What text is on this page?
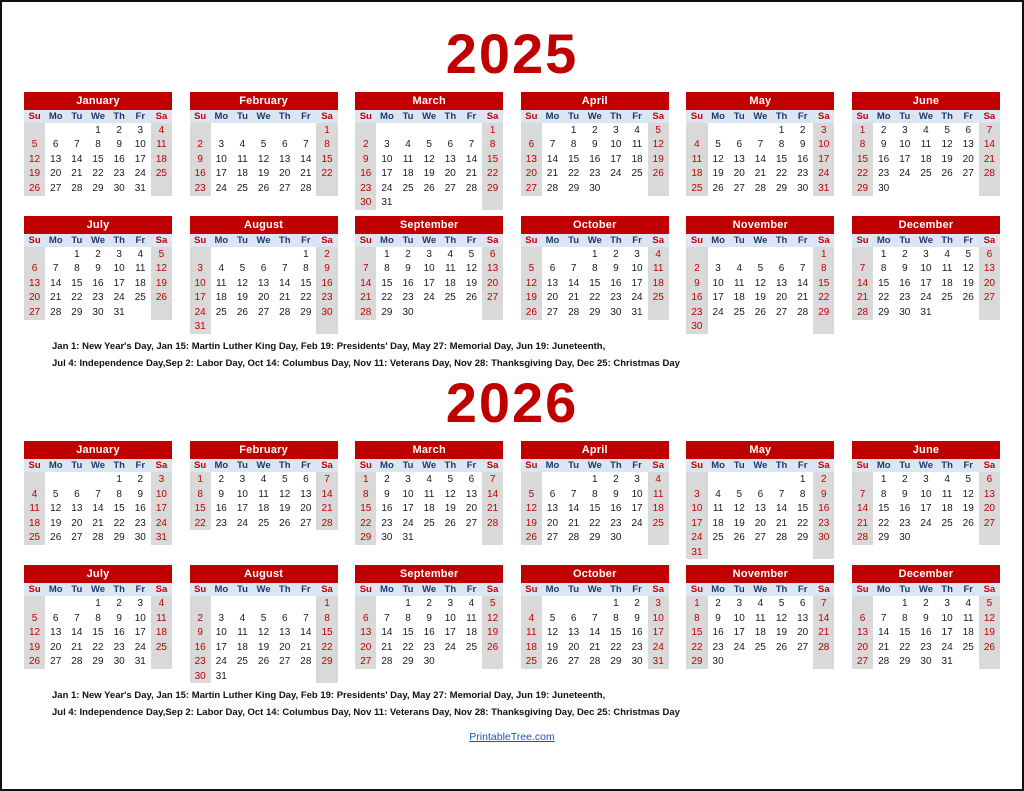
2025
January
Su	Mo	Tu	We	Th	Fr	Sa
			1	2	3	4
5	6	7	8	9	10	11
12	13	14	15	16	17	18
19	20	21	22	23	24	25
26	27	28	29	30	31	
February
Su	Mo	Tu	We	Th	Fr	Sa
						1
2	3	4	5	6	7	8
9	10	11	12	13	14	15
16	17	18	19	20	21	22
23	24	25	26	27	28	
March
Su	Mo	Tu	We	Th	Fr	Sa
						1
2	3	4	5	6	7	8
9	10	11	12	13	14	15
16	17	18	19	20	21	22
23	24	25	26	27	28	29
30	31					
April
Su	Mo	Tu	We	Th	Fr	Sa
		1	2	3	4	5
6	7	8	9	10	11	12
13	14	15	16	17	18	19
20	21	22	23	24	25	26
27	28	29	30			
May
Su	Mo	Tu	We	Th	Fr	Sa
				1	2	3
4	5	6	7	8	9	10
11	12	13	14	15	16	17
18	19	20	21	22	23	24
25	26	27	28	29	30	31
June
Su	Mo	Tu	We	Th	Fr	Sa
1	2	3	4	5	6	7
8	9	10	11	12	13	14
15	16	17	18	19	20	21
22	23	24	25	26	27	28
29	30					
July
Su	Mo	Tu	We	Th	Fr	Sa
		1	2	3	4	5
6	7	8	9	10	11	12
13	14	15	16	17	18	19
20	21	22	23	24	25	26
27	28	29	30	31		
August
Su	Mo	Tu	We	Th	Fr	Sa
					1	2
3	4	5	6	7	8	9
10	11	12	13	14	15	16
17	18	19	20	21	22	23
24	25	26	27	28	29	30
31						
September
Su	Mo	Tu	We	Th	Fr	Sa
	1	2	3	4	5	6
7	8	9	10	11	12	13
14	15	16	17	18	19	20
21	22	23	24	25	26	27
28	29	30				
October
Su	Mo	Tu	We	Th	Fr	Sa
			1	2	3	4
5	6	7	8	9	10	11
12	13	14	15	16	17	18
19	20	21	22	23	24	25
26	27	28	29	30	31	
November
Su	Mo	Tu	We	Th	Fr	Sa
						1
2	3	4	5	6	7	8
9	10	11	12	13	14	15
16	17	18	19	20	21	22
23	24	25	26	27	28	29
30						
December
Su	Mo	Tu	We	Th	Fr	Sa
	1	2	3	4	5	6
7	8	9	10	11	12	13
14	15	16	17	18	19	20
21	22	23	24	25	26	27
28	29	30	31			
Jan 1: New Year's Day, Jan 15: Martin Luther King Day, Feb 19: Presidents' Day, May 27: Memorial Day, Jun 19: Juneteenth,
Jul 4: Independence Day,Sep 2: Labor Day, Oct 14: Columbus Day, Nov 11: Veterans Day, Nov 28: Thanksgiving Day, Dec 25: Christmas Day
2026
January
Su	Mo	Tu	We	Th	Fr	Sa
				1	2	3
4	5	6	7	8	9	10
11	12	13	14	15	16	17
18	19	20	21	22	23	24
25	26	27	28	29	30	31
February
Su	Mo	Tu	We	Th	Fr	Sa
1	2	3	4	5	6	7
8	9	10	11	12	13	14
15	16	17	18	19	20	21
22	23	24	25	26	27	28
March
Su	Mo	Tu	We	Th	Fr	Sa
1	2	3	4	5	6	7
8	9	10	11	12	13	14
15	16	17	18	19	20	21
22	23	24	25	26	27	28
29	30	31				
April
Su	Mo	Tu	We	Th	Fr	Sa
			1	2	3	4
5	6	7	8	9	10	11
12	13	14	15	16	17	18
19	20	21	22	23	24	25
26	27	28	29	30		
May
Su	Mo	Tu	We	Th	Fr	Sa
					1	2
3	4	5	6	7	8	9
10	11	12	13	14	15	16
17	18	19	20	21	22	23
24	25	26	27	28	29	30
31						
June
Su	Mo	Tu	We	Th	Fr	Sa
	1	2	3	4	5	6
7	8	9	10	11	12	13
14	15	16	17	18	19	20
21	22	23	24	25	26	27
28	29	30				
July
Su	Mo	Tu	We	Th	Fr	Sa
			1	2	3	4
5	6	7	8	9	10	11
12	13	14	15	16	17	18
19	20	21	22	23	24	25
26	27	28	29	30	31	
August
Su	Mo	Tu	We	Th	Fr	Sa
						1
2	3	4	5	6	7	8
9	10	11	12	13	14	15
16	17	18	19	20	21	22
23	24	25	26	27	28	29
30	31					
September
Su	Mo	Tu	We	Th	Fr	Sa
		1	2	3	4	5
6	7	8	9	10	11	12
13	14	15	16	17	18	19
20	21	22	23	24	25	26
27	28	29	30			
October
Su	Mo	Tu	We	Th	Fr	Sa
				1	2	3
4	5	6	7	8	9	10
11	12	13	14	15	16	17
18	19	20	21	22	23	24
25	26	27	28	29	30	31
November
Su	Mo	Tu	We	Th	Fr	Sa
1	2	3	4	5	6	7
8	9	10	11	12	13	14
15	16	17	18	19	20	21
22	23	24	25	26	27	28
29	30					
December
Su	Mo	Tu	We	Th	Fr	Sa
		1	2	3	4	5
6	7	8	9	10	11	12
13	14	15	16	17	18	19
20	21	22	23	24	25	26
27	28	29	30	31		
Jan 1: New Year's Day, Jan 15: Martin Luther King Day, Feb 19: Presidents' Day, May 27: Memorial Day, Jun 19: Juneteenth,
Jul 4: Independence Day,Sep 2: Labor Day, Oct 14: Columbus Day, Nov 11: Veterans Day, Nov 28: Thanksgiving Day, Dec 25: Christmas Day
PrintableTree.com
